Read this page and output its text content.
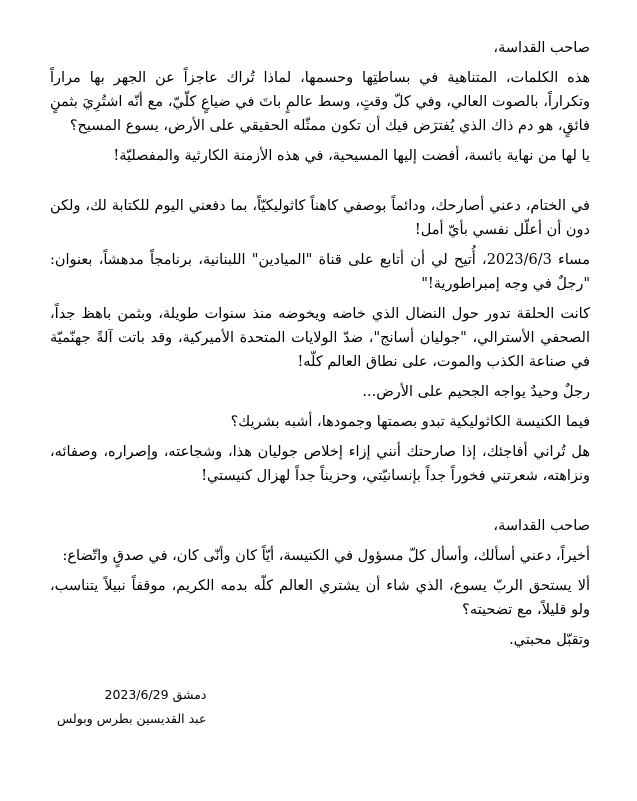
صاحب القداسة،

هذه الكلمات، المتناهية في بساطتِها وحسمها، لماذا تُراك عاجزاً عن الجهر بها مراراً وتكراراً، بالصوت العالي، وفي كلّ وقتٍ، وسط عالمٍ باتَ في ضياعٍ كلّيّ، مع أنّه اشتُرِيَ بثمنٍ فائقٍ، هو دم ذاك الذي يُفترَض فيك أن تكون ممثّله الحقيقي على الأرض، يسوع المسيح؟

يا لها من نهاية بائسة، أفضت إليها المسيحية، في هذه الأزمنة الكارثية والمفصليّة!

في الختام، دعني أصارحك، ودائماً بوصفي كاهناً كاثوليكيّاً، بما دفعني اليوم للكتابة لك، ولكن دون أن أعلّل نفسي بأيّ أمل!

مساء 2023/6/3، أُتيح لي أن أتابع على قناة "الميادين" اللبنانية، برنامجاً مدهشاً، بعنوان: "رجلٌ في وجه إمبراطورية!"

كانت الحلقة تدور حول النضال الذي خاضه ويخوضه منذ سنوات طويلة، وبثمن باهظ جداً، الصحفي الأسترالي، "جوليان أسانج"، ضدّ الولايات المتحدة الأميركية، وقد باتت آلةً جهنّميّة في صناعة الكذب والموت، على نطاق العالم كلّه!

رجلٌ وحيدٌ يواجه الجحيم على الأرض...

فيما الكنيسة الكاثوليكية تبدو بصمتها وجمودها، أشبه بشريك؟

هل تُراني أفاجئك، إذا صارحتك أنني إزاء إخلاص جوليان هذا، وشجاعته، وإصراره، وصفائه، ونزاهته، شعرتني فخوراً جداً بإنسانيّتي، وحزيناً جداً لهزال كنيستي!

صاحب القداسة،

أخيراً، دعني أسألك، وأسأل كلّ مسؤول في الكنيسة، أيّاً كان وأنّى كان، في صدقٍ واتّضاع:

ألا يستحق الربّ يسوع، الذي شاء أن يشتري العالم كلّه بدمه الكريم، موقفاً نبيلاً يتناسب، ولو قليلاً، مع تضحيته؟

وتقبّل محبتي.

دمشق 2023/6/29
عبد القديسين بطرس وبولس
